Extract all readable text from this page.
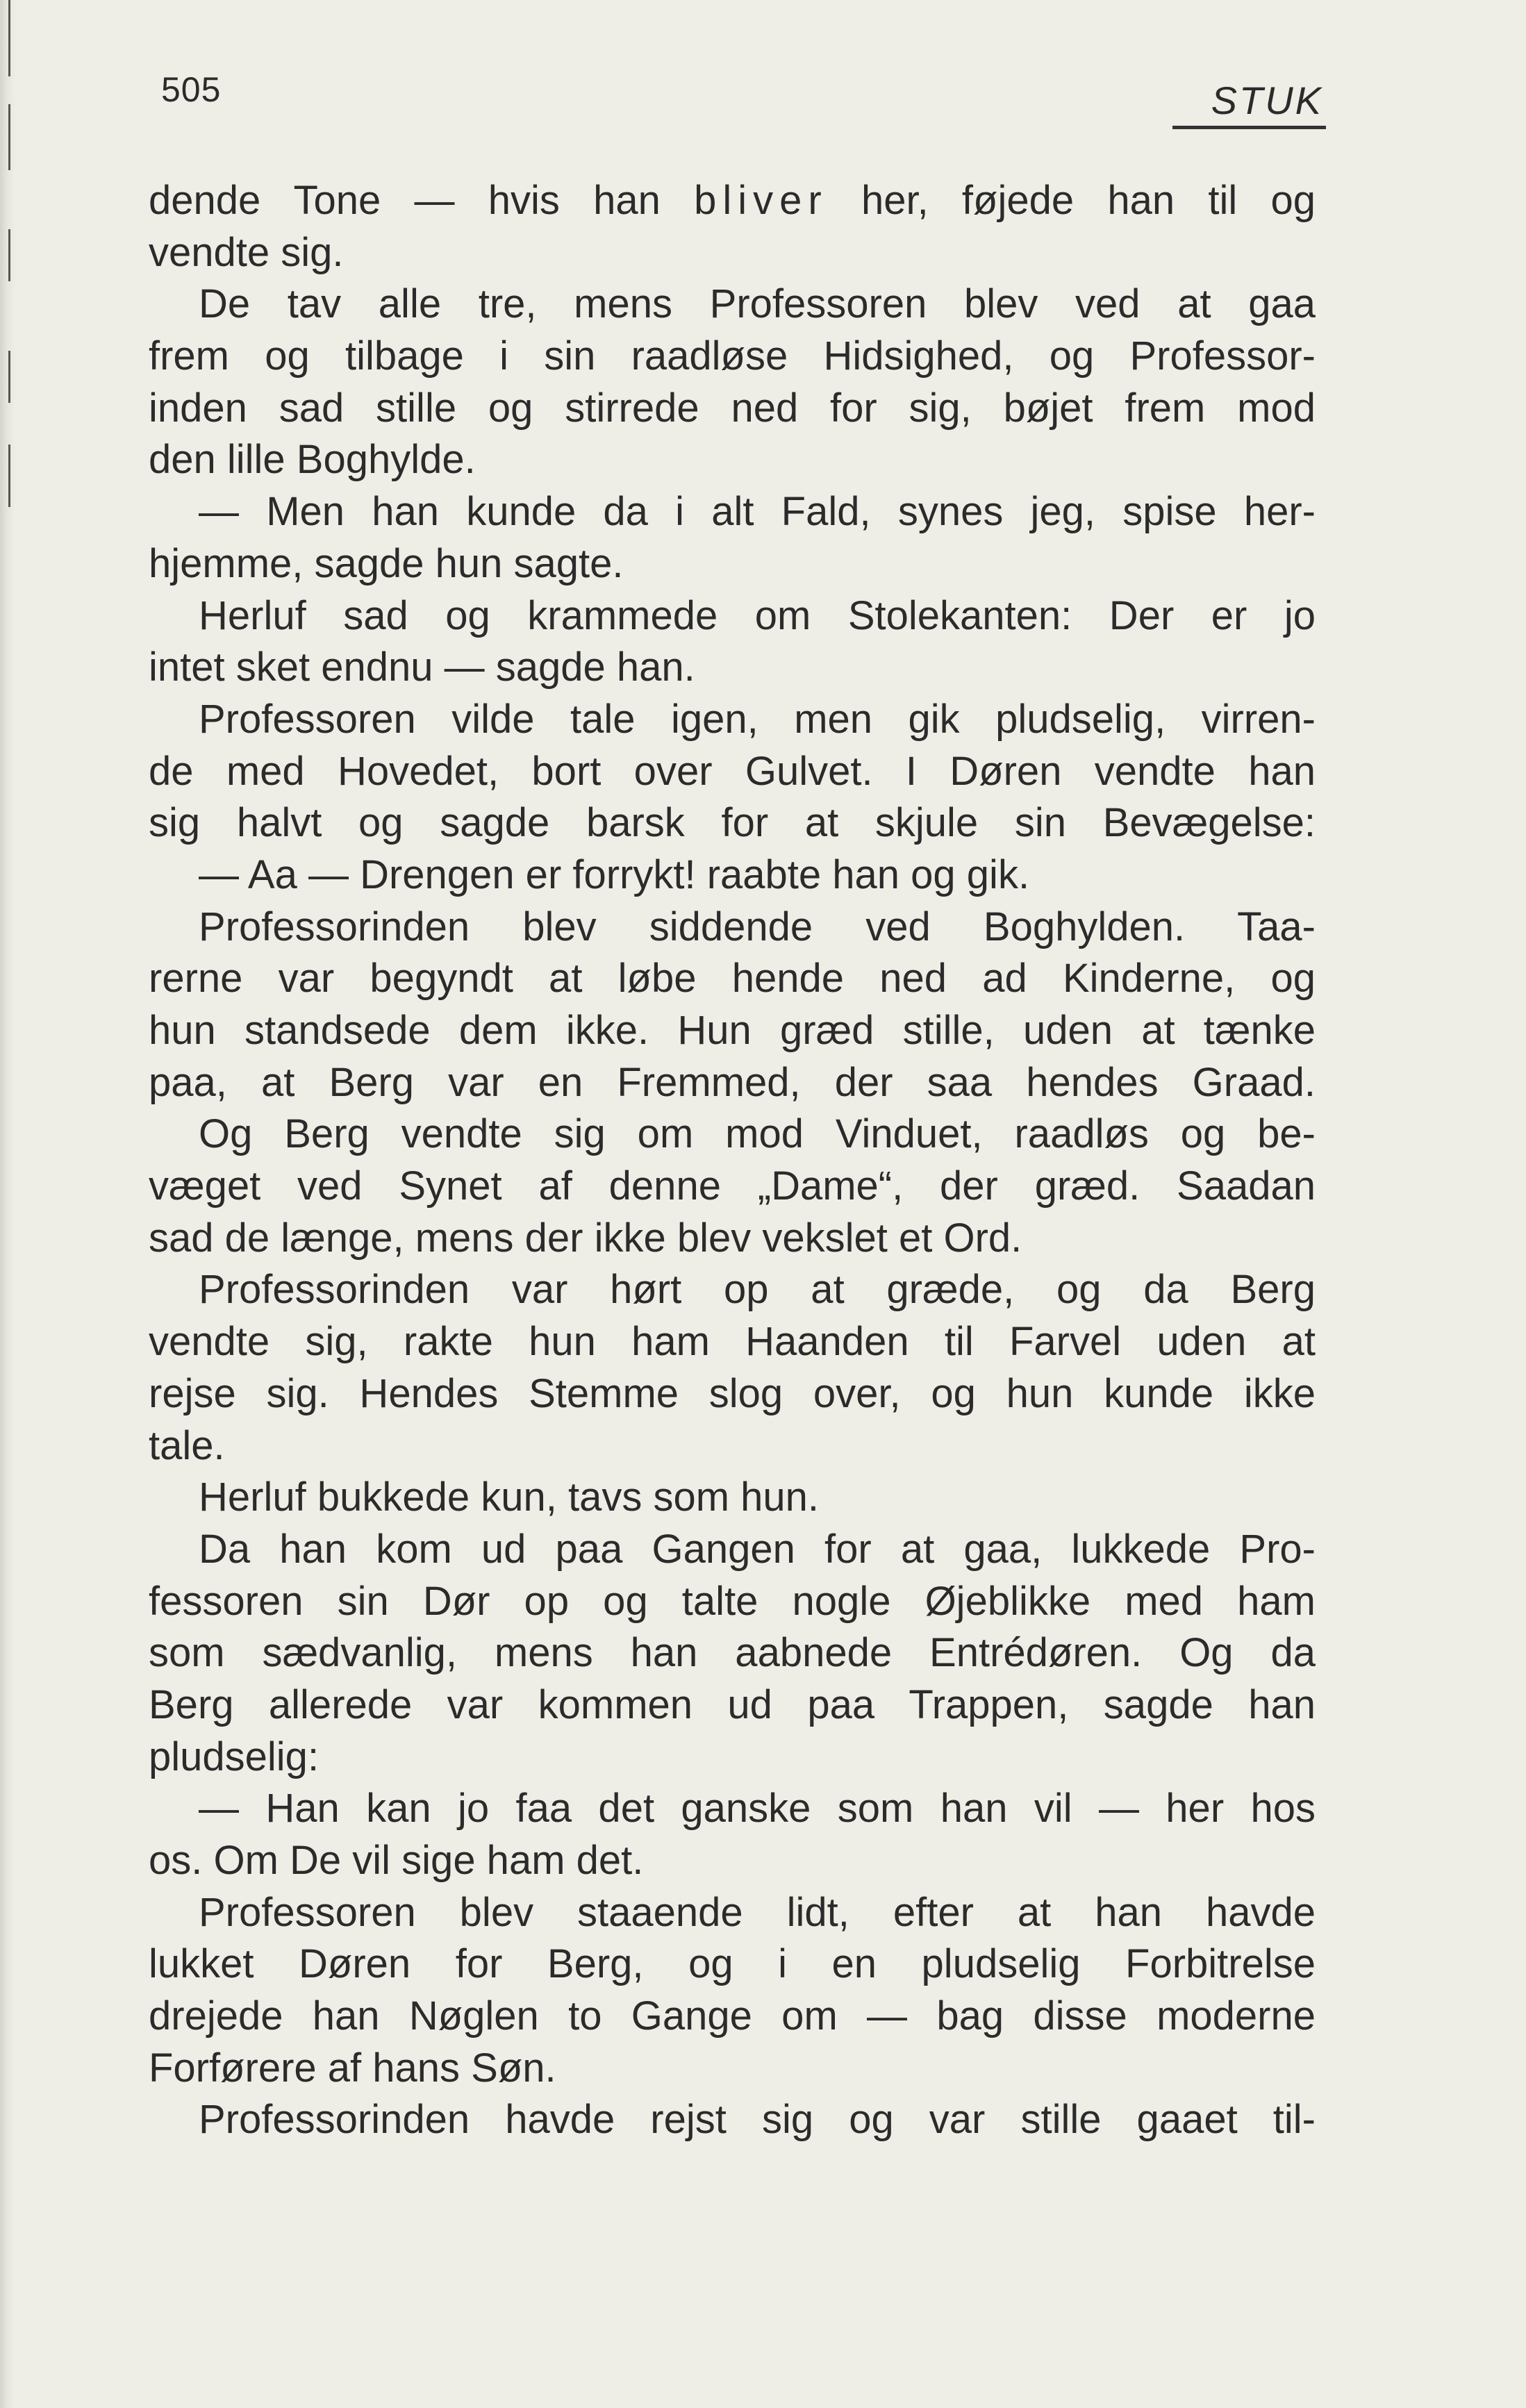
505	STUK
dende Tone — hvis han bliver her, føjede han til og
vendte sig.
De tav alle tre, mens Professoren blev ved at gaa
frem og tilbage i sin raadløse Hidsighed, og Professor-
inden sad stille og stirrede ned for sig, bøjet frem mod
den lille Boghylde.
— Men han kunde da i alt Fald, synes jeg, spise her-
hjemme, sagde hun sagte.
Herluf sad og krammede om Stolekanten: Der er jo
intet sket endnu — sagde han.
Professoren vilde tale igen, men gik pludselig, virren-
de med Hovedet, bort over Gulvet. I Døren vendte han
sig halvt og sagde barsk for at skjule sin Bevægelse:
— Aa — Drengen er forrykt! raabte han og gik.
Professorinden blev siddende ved Boghylden. Taa-
rerne var begyndt at løbe hende ned ad Kinderne, og
hun standsede dem ikke. Hun græd stille, uden at tænke
paa, at Berg var en Fremmed, der saa hendes Graad.
Og Berg vendte sig om mod Vinduet, raadløs og be-
væget ved Synet af denne „Dame“, der græd. Saadan
sad de længe, mens der ikke blev vekslet et Ord.
Professorinden var hørt op at græde, og da Berg
vendte sig, rakte hun ham Haanden til Farvel uden at
rejse sig. Hendes Stemme slog over, og hun kunde ikke
tale.
Herluf bukkede kun, tavs som hun.
Da han kom ud paa Gangen for at gaa, lukkede Pro-
fessoren sin Dør op og talte nogle Øjeblikke med ham
som sædvanlig, mens han aabnede Entrédøren. Og da
Berg allerede var kommen ud paa Trappen, sagde han
pludselig:
— Han kan jo faa det ganske som han vil — her hos
os. Om De vil sige ham det.
Professoren blev staaende lidt, efter at han havde
lukket Døren for Berg, og i en pludselig Forbitrelse
drejede han Nøglen to Gange om — bag disse moderne
Forførere af hans Søn.
Professorinden havde rejst sig og var stille gaaet til-
